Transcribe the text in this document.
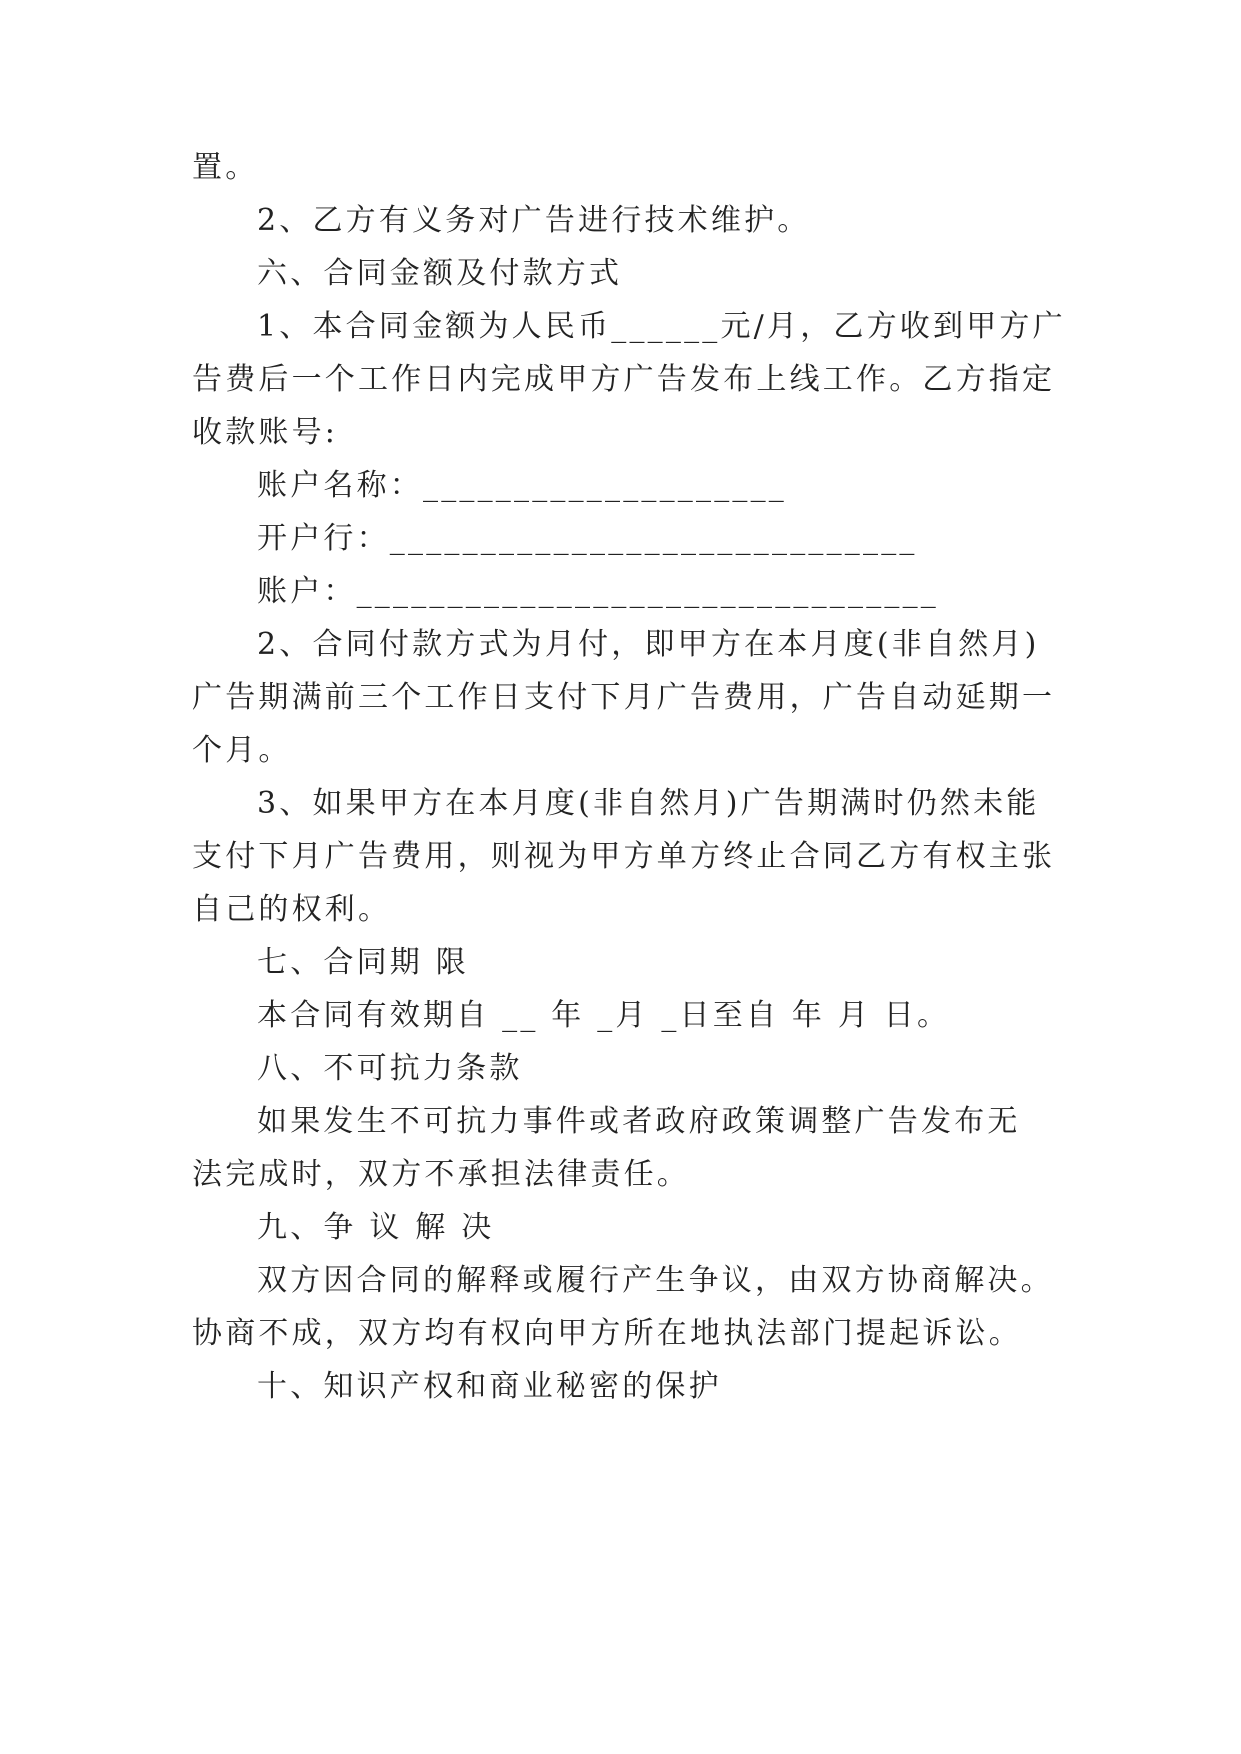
置。
2、乙方有义务对广告进行技术维护。
六、合同金额及付款方式
1、本合同金额为人民币______元/月，乙方收到甲方广
告费后一个工作日内完成甲方广告发布上线工作。乙方指定
收款账号:
账户名称：____________________
开户行：_____________________________
账户：________________________________
2、合同付款方式为月付，即甲方在本月度(非自然月)
广告期满前三个工作日支付下月广告费用，广告自动延期一
个月。
3、如果甲方在本月度(非自然月)广告期满时仍然未能
支付下月广告费用，则视为甲方单方终止合同乙方有权主张
自己的权利。
七、合同期 限
本合同有效期自 __ 年 _月 _日至自 年 月 日。
八、不可抗力条款
如果发生不可抗力事件或者政府政策调整广告发布无
法完成时，双方不承担法律责任。
九、争 议 解 决
双方因合同的解释或履行产生争议，由双方协商解决。
协商不成，双方均有权向甲方所在地执法部门提起诉讼。
十、知识产权和商业秘密的保护
